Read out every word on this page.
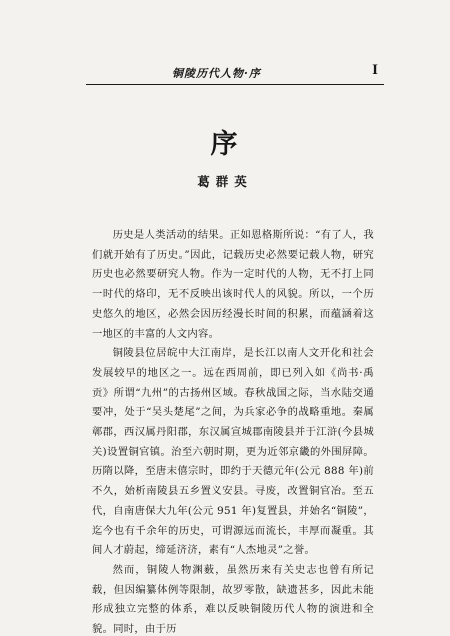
铜陵历代人物·序	I
序
葛群英

历史是人类活动的结果。正如恩格斯所说：“有了人，我们就开始有了历史。”因此，记载历史必然要记载人物，研究历史也必然要研究人物。作为一定时代的人物，无不打上同一时代的烙印，无不反映出该时代人的风貌。所以，一个历史悠久的地区，必然会因历经漫长时间的积累，而蕴涵着这一地区的丰富的人文内容。

铜陵县位居皖中大江南岸，是长江以南人文开化和社会发展较早的地区之一。远在西周前，即已列入如《尚书·禹贡》所谓“九州”的古扬州区域。春秋战国之际，当水陆交通要冲，处于“吴头楚尾”之间，为兵家必争的战略重地。秦属鄣郡，西汉属丹阳郡，东汉属宣城郡南陵县并于江浒(今县城关)设置铜官镇。治至六朝时期，更为近邻京畿的外围屏障。历隋以降，至唐末僖宗时，即约于天德元年(公元 888 年)前不久，始析南陵县五乡置义安县。寻废，改置铜官冶。至五代，自南唐保大九年(公元 951 年)复置县，并始名“铜陵”，迄今也有千余年的历史，可谓源远而流长，丰厚而凝重。其间人才蔚起，缔延济济，素有“人杰地灵”之誉。

然而，铜陵人物渊薮，虽然历来有关史志也曾有所记载，但因编纂体例等限制，故罗零散，缺遗甚多，因此未能形成独立完整的体系，难以反映铜陵历代人物的演进和全貌。同时，由于历
